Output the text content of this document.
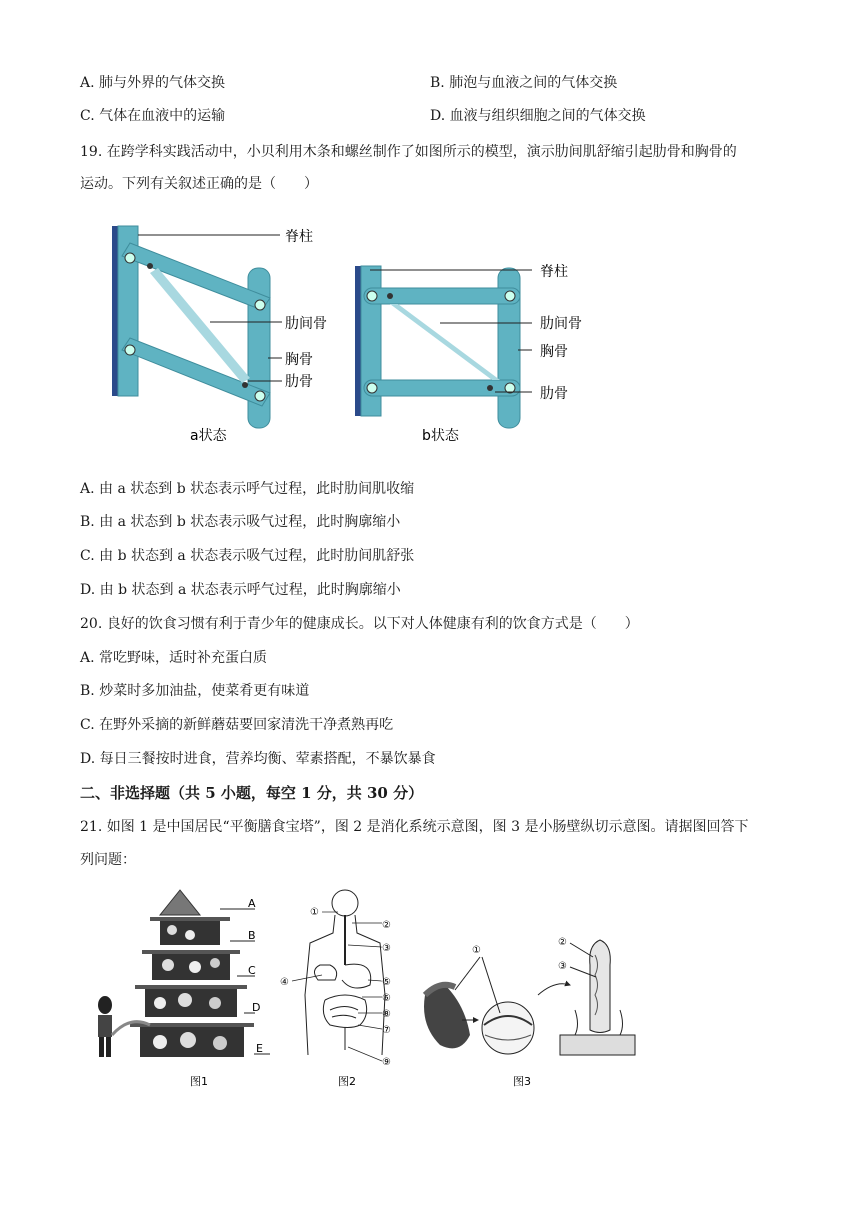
A. 肺与外界的气体交换	B. 肺泡与血液之间的气体交换
C. 气体在血液中的运输	D. 血液与组织细胞之间的气体交换
19. 在跨学科实践活动中，小贝利用木条和螺丝制作了如图所示的模型，演示肋间肌舒缩引起肋骨和胸骨的
运动。下列有关叙述正确的是（　　）
脊柱
肋间骨
胸骨
肋骨
a状态
脊柱
肋间骨
胸骨
肋骨
b状态
A. 由 a 状态到 b 状态表示呼气过程，此时肋间肌收缩
B. 由 a 状态到 b 状态表示吸气过程，此时胸廓缩小
C. 由 b 状态到 a 状态表示吸气过程，此时肋间肌舒张
D. 由 b 状态到 a 状态表示呼气过程，此时胸廓缩小
20. 良好的饮食习惯有利于青少年的健康成长。以下对人体健康有利的饮食方式是（　　）
A. 常吃野味，适时补充蛋白质
B. 炒菜时多加油盐，使菜肴更有味道
C. 在野外采摘的新鲜蘑菇要回家清洗干净煮熟再吃
D. 每日三餐按时进食，营养均衡、荤素搭配，不暴饮暴食
二、非选择题（共 5 小题，每空 1 分，共 30 分）
21. 如图 1 是中国居民“平衡膳食宝塔”，图 2 是消化系统示意图，图 3 是小肠壁纵切示意图。请据图回答下
列问题：
A
B
C
D
E
图1
①
②
③
④	⑤
⑥
⑧
⑦
⑨
图2
①
②
③
图3
